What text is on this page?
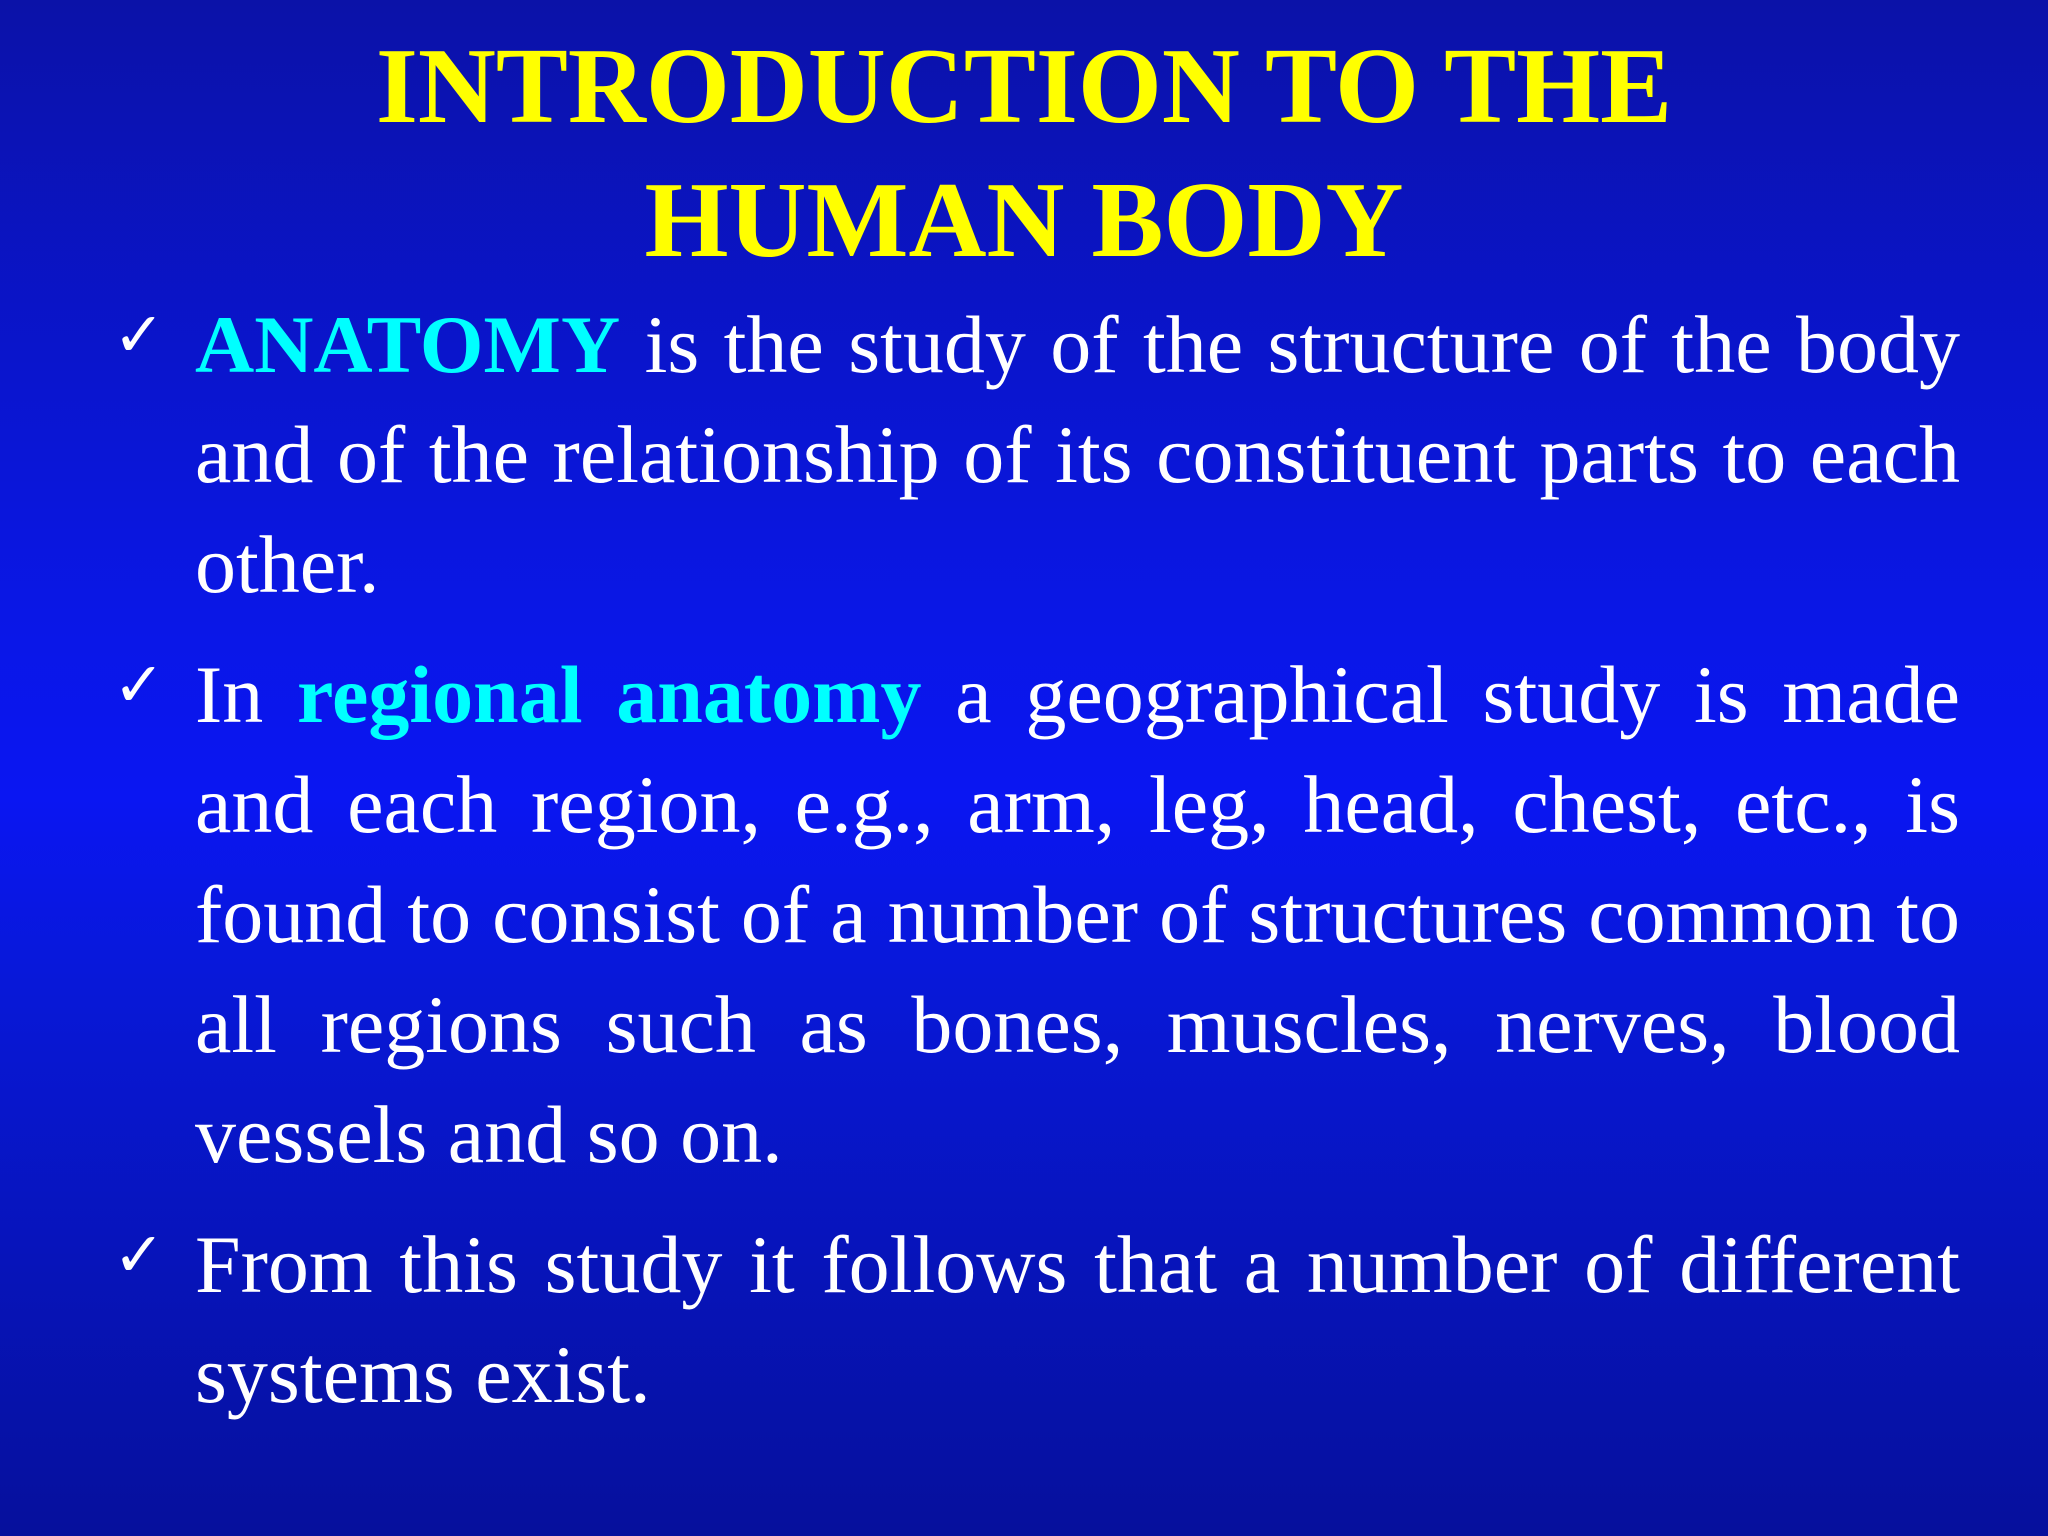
INTRODUCTION TO THE
HUMAN BODY
✓ ANATOMY is the study of the structure of the body and of the relationship of its constituent parts to each other.
✓ In regional anatomy a geographical study is made and each region, e.g., arm, leg, head, chest, etc., is found to consist of a number of structures common to all regions such as bones, muscles, nerves, blood vessels and so on.
✓ From this study it follows that a number of different systems exist.
